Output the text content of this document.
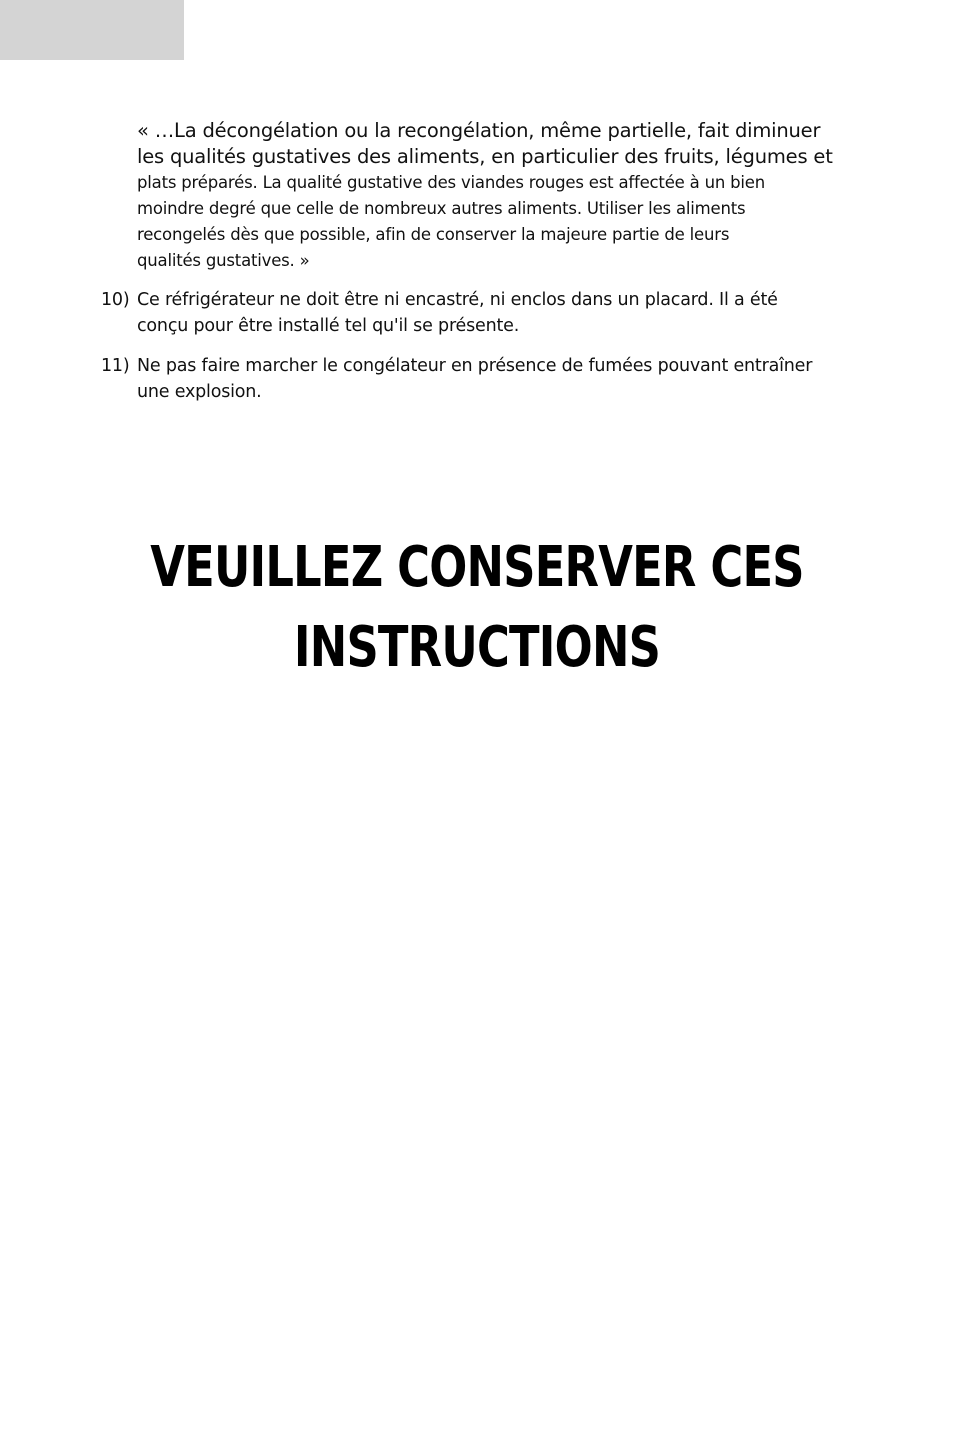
« …La décongélation ou la recongélation, même partielle, fait diminuer
les qualités gustatives des aliments, en particulier des fruits, légumes et
plats préparés. La qualité gustative des viandes rouges est affectée à un bien
moindre degré que celle de nombreux autres aliments. Utiliser les aliments
recongelés dès que possible, afin de conserver la majeure partie de leurs
qualités gustatives. »
10) Ce réfrigérateur ne doit être ni encastré, ni enclos dans un placard. Il a été
conçu pour être installé tel qu'il se présente.
11) Ne pas faire marcher le congélateur en présence de fumées pouvant entraîner
une explosion.
VEUILLEZ CONSERVER CES
INSTRUCTIONS
